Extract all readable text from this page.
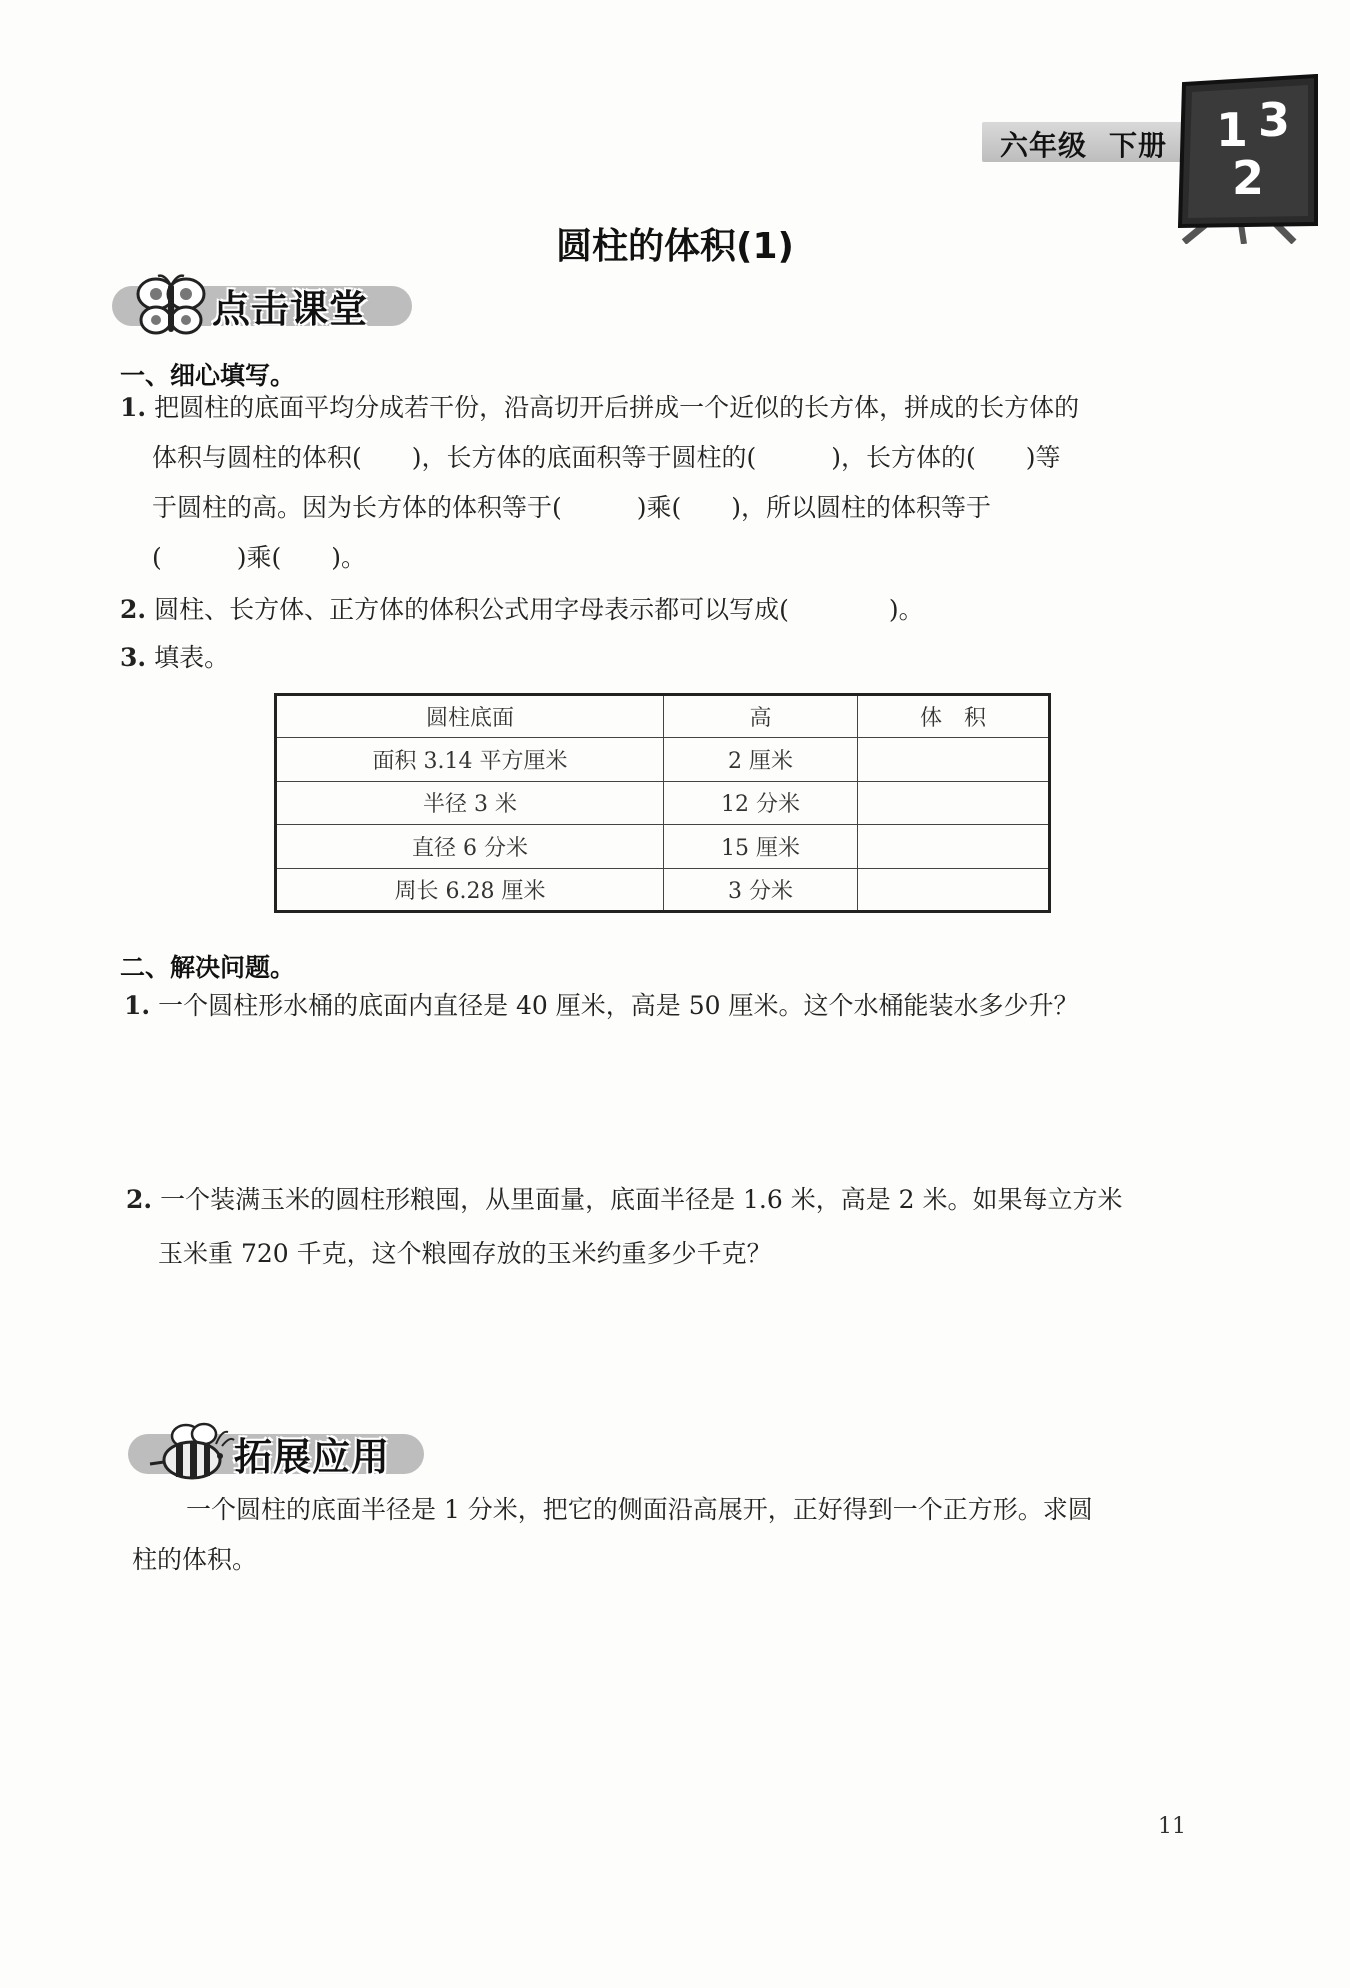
六年级 下册	1 3
2
圆柱的体积(1)
点击课堂
一、细心填写。
1. 把圆柱的底面平均分成若干份，沿高切开后拼成一个近似的长方体，拼成的长方体的
体积与圆柱的体积(　　)，长方体的底面积等于圆柱的(　　　)，长方体的(　　)等
于圆柱的高。因为长方体的体积等于(　　　)乘(　　)，所以圆柱的体积等于
(　　　)乘(　　)。
2. 圆柱、长方体、正方体的体积公式用字母表示都可以写成(　　　　)。
3. 填表。
圆柱底面	高	体　积
面积 3.14 平方厘米	2 厘米	
半径 3 米	12 分米	
直径 6 分米	15 厘米	
周长 6.28 厘米	3 分米	
二、解决问题。
1. 一个圆柱形水桶的底面内直径是 40 厘米，高是 50 厘米。这个水桶能装水多少升？
2. 一个装满玉米的圆柱形粮囤，从里面量，底面半径是 1.6 米，高是 2 米。如果每立方米
玉米重 720 千克，这个粮囤存放的玉米约重多少千克？
拓展应用
一个圆柱的底面半径是 1 分米，把它的侧面沿高展开，正好得到一个正方形。求圆
柱的体积。
11
